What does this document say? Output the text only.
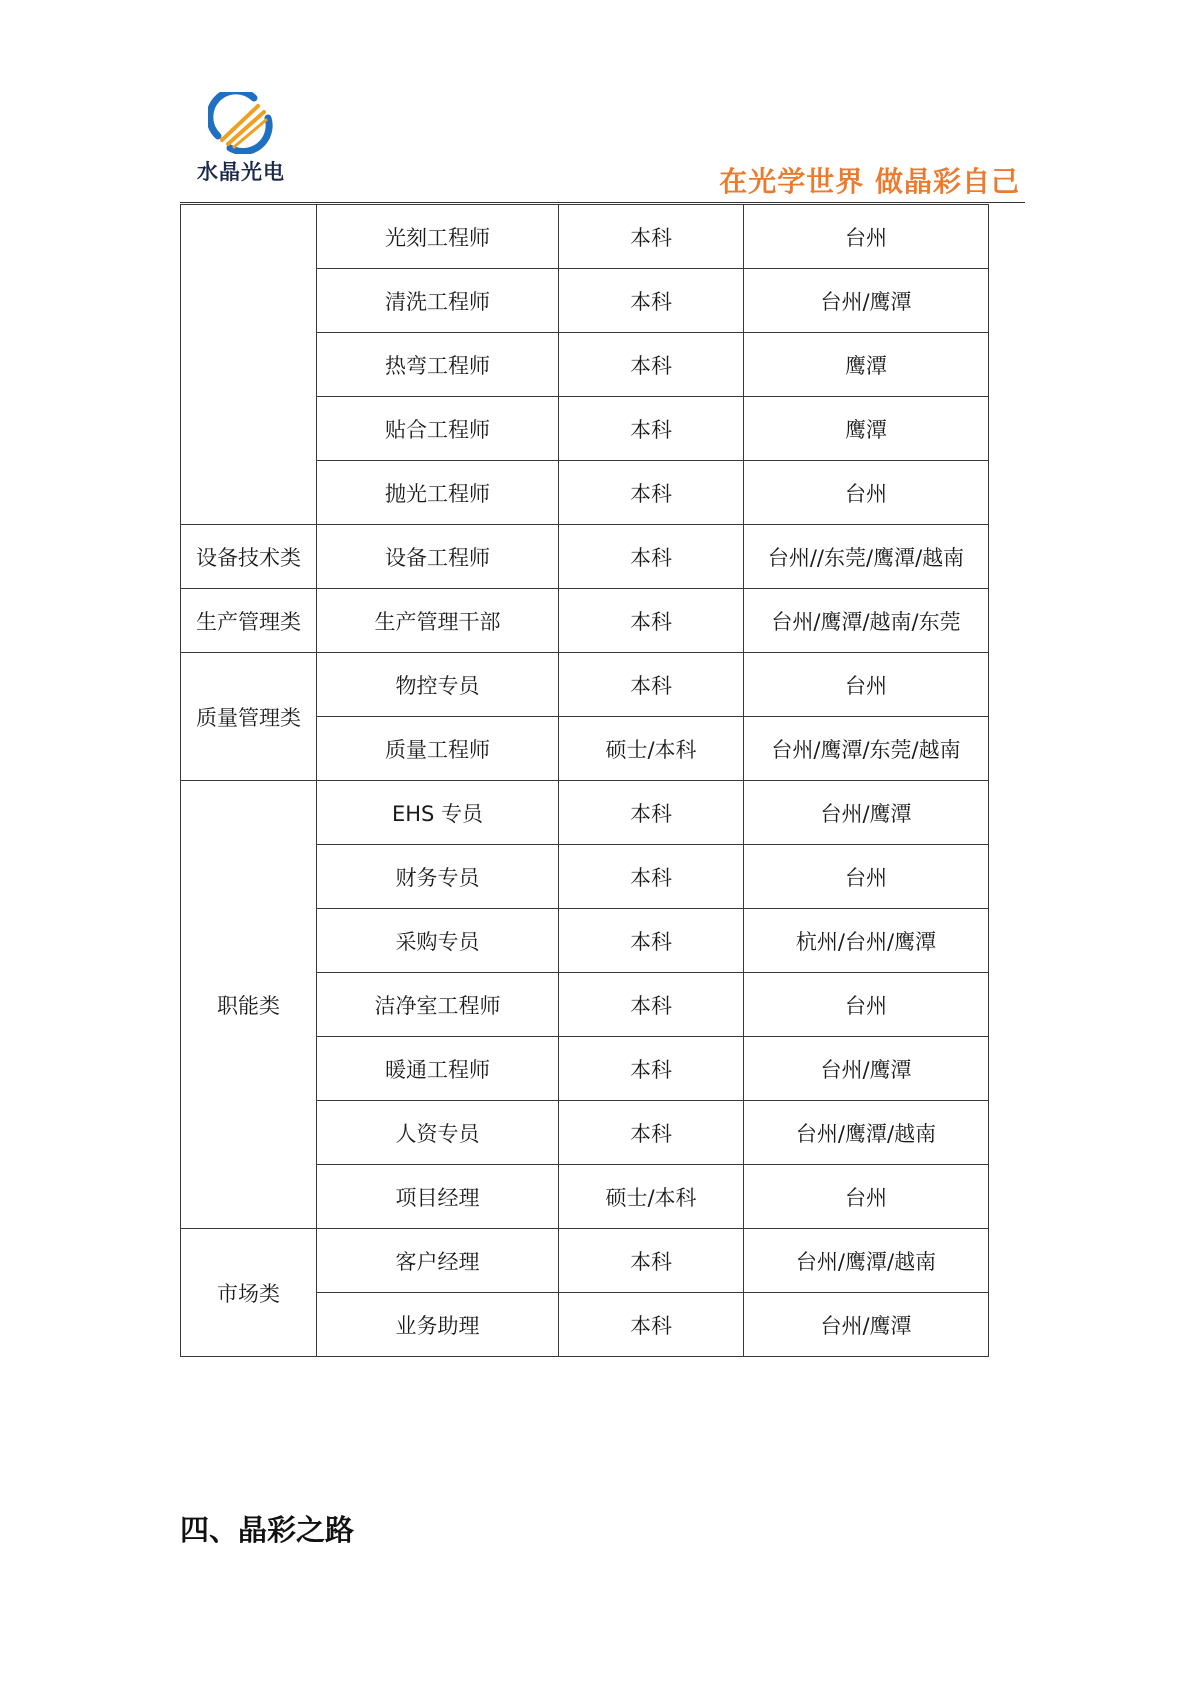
水晶光电	在光学世界 做晶彩自己
	光刻工程师	本科	台州
	清洗工程师	本科	台州/鹰潭
	热弯工程师	本科	鹰潭
	贴合工程师	本科	鹰潭
	抛光工程师	本科	台州
设备技术类	设备工程师	本科	台州//东莞/鹰潭/越南
生产管理类	生产管理干部	本科	台州/鹰潭/越南/东莞
质量管理类	物控专员	本科	台州
	质量工程师	硕士/本科	台州/鹰潭/东莞/越南
职能类	EHS 专员	本科	台州/鹰潭
	财务专员	本科	台州
	采购专员	本科	杭州/台州/鹰潭
	洁净室工程师	本科	台州
	暖通工程师	本科	台州/鹰潭
	人资专员	本科	台州/鹰潭/越南
	项目经理	硕士/本科	台州
市场类	客户经理	本科	台州/鹰潭/越南
	业务助理	本科	台州/鹰潭
四、晶彩之路
